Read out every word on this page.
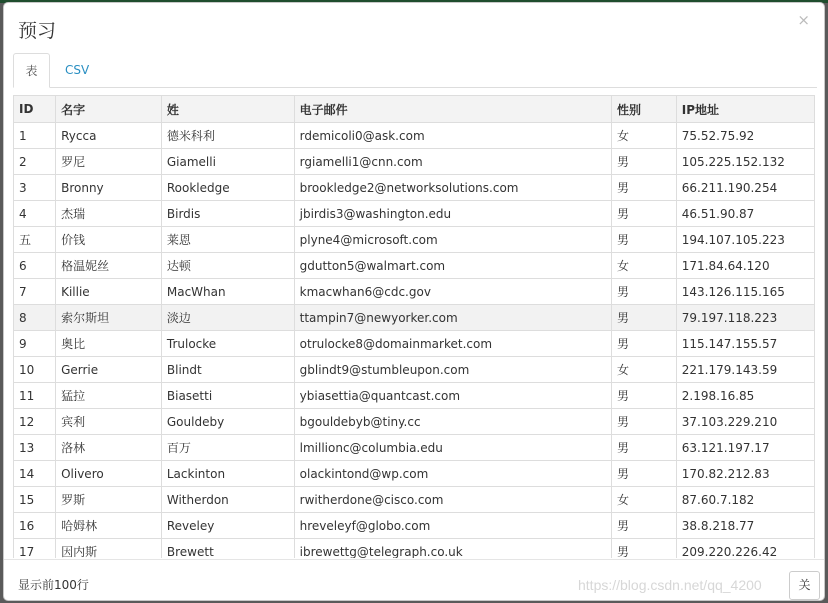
预习	×
表	CSV
ID	名字	姓	电子邮件	性别	IP地址
1	Rycca	德米科利	rdemicoli0@ask.com	女	75.52.75.92
2	罗尼	Giamelli	rgiamelli1@cnn.com	男	105.225.152.132
3	Bronny	Rookledge	brookledge2@networksolutions.com	男	66.211.190.254
4	杰瑞	Birdis	jbirdis3@washington.edu	男	46.51.90.87
五	价钱	莱恩	plyne4@microsoft.com	男	194.107.105.223
6	格温妮丝	达顿	gdutton5@walmart.com	女	171.84.64.120
7	Killie	MacWhan	kmacwhan6@cdc.gov	男	143.126.115.165
8	索尔斯坦	淡边	ttampin7@newyorker.com	男	79.197.118.223
9	奥比	Trulocke	otrulocke8@domainmarket.com	男	115.147.155.57
10	Gerrie	Blindt	gblindt9@stumbleupon.com	女	221.179.143.59
11	猛拉	Biasetti	ybiasettia@quantcast.com	男	2.198.16.85
12	宾利	Gouldeby	bgouldebyb@tiny.cc	男	37.103.229.210
13	洛林	百万	lmillionc@columbia.edu	男	63.121.197.17
14	Olivero	Lackinton	olackintond@wp.com	男	170.82.212.83
15	罗斯	Witherdon	rwitherdone@cisco.com	女	87.60.7.182
16	哈姆林	Reveley	hreveleyf@globo.com	男	38.8.218.77
17	因内斯	Brewett	ibrewettg@telegraph.co.uk	男	209.220.226.42
显示前100行	https://blog.csdn.net/qq_4200	关
